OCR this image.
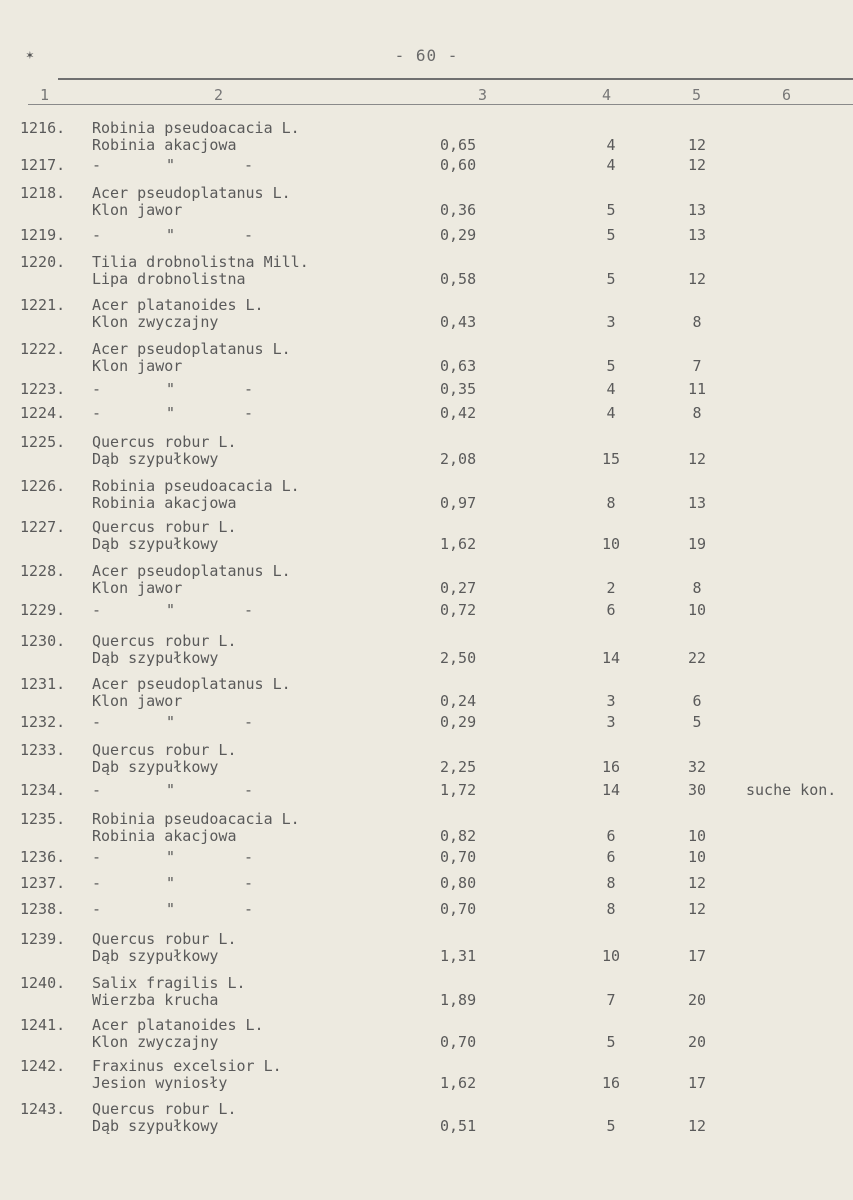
✶	- 60 -
1	2	3	4	5	6
1216.	Robinia pseudoacacia L.
Robinia akacjowa	0,65	4	12
1217.	-	"	-	0,60	4	12
1218.	Acer pseudoplatanus L.
Klon jawor	0,36	5	13
1219.	-	"	-	0,29	5	13
1220.	Tilia drobnolistna Mill.
Lipa drobnolistna	0,58	5	12
1221.	Acer platanoides L.
Klon zwyczajny	0,43	3	8
1222.	Acer pseudoplatanus L.
Klon jawor	0,63	5	7
1223.	-	"	-	0,35	4	11
1224.	-	"	-	0,42	4	8
1225.	Quercus robur L.
Dąb szypułkowy	2,08	15	12
1226.	Robinia pseudoacacia L.
Robinia akacjowa	0,97	8	13
1227.	Quercus robur L.
Dąb szypułkowy	1,62	10	19
1228.	Acer pseudoplatanus L.
Klon jawor	0,27	2	8
1229.	-	"	-	0,72	6	10
1230.	Quercus robur L.
Dąb szypułkowy	2,50	14	22
1231.	Acer pseudoplatanus L.
Klon jawor	0,24	3	6
1232.	-	"	-	0,29	3	5
1233.	Quercus robur L.
Dąb szypułkowy	2,25	16	32
1234.	-	"	-	1,72	14	30	suche kon.
1235.	Robinia pseudoacacia L.
Robinia akacjowa	0,82	6	10
1236.	-	"	-	0,70	6	10
1237.	-	"	-	0,80	8	12
1238.	-	"	-	0,70	8	12
1239.	Quercus robur L.
Dąb szypułkowy	1,31	10	17
1240.	Salix fragilis L.
Wierzba krucha	1,89	7	20
1241.	Acer platanoides L.
Klon zwyczajny	0,70	5	20
1242.	Fraxinus excelsior L.
Jesion wyniosły	1,62	16	17
1243.	Quercus robur L.
Dąb szypułkowy	0,51	5	12
